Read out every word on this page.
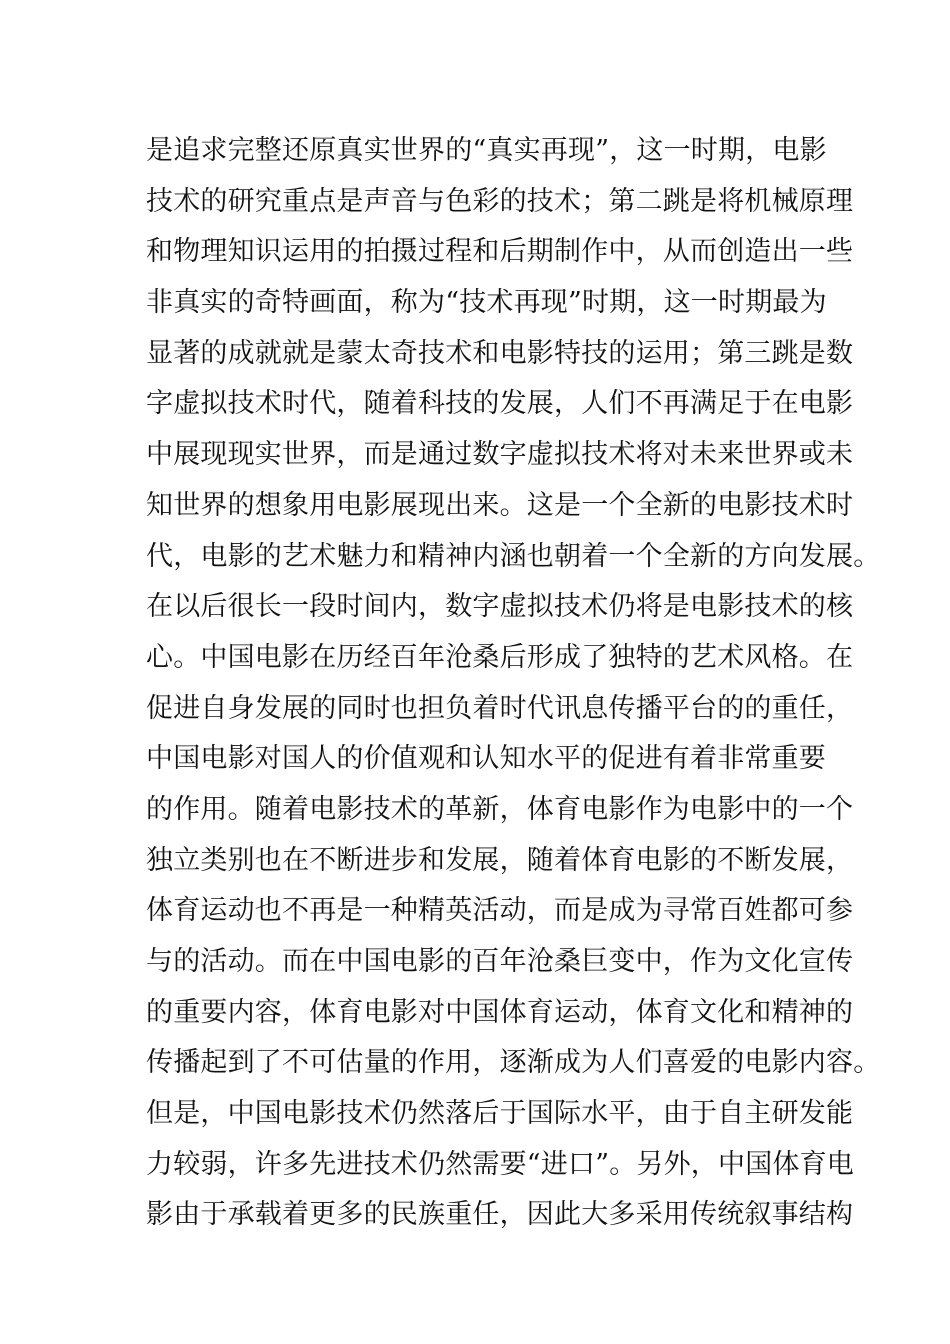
是追求完整还原真实世界的“真实再现”，这一时期，电影
技术的研究重点是声音与色彩的技术；第二跳是将机械原理
和物理知识运用的拍摄过程和后期制作中，从而创造出一些
非真实的奇特画面，称为“技术再现”时期，这一时期最为
显著的成就就是蒙太奇技术和电影特技的运用；第三跳是数
字虚拟技术时代，随着科技的发展，人们不再满足于在电影
中展现现实世界，而是通过数字虚拟技术将对未来世界或未
知世界的想象用电影展现出来。这是一个全新的电影技术时
代，电影的艺术魅力和精神内涵也朝着一个全新的方向发展。
在以后很长一段时间内，数字虚拟技术仍将是电影技术的核
心。中国电影在历经百年沧桑后形成了独特的艺术风格。在
促进自身发展的同时也担负着时代讯息传播平台的的重任，
中国电影对国人的价值观和认知水平的促进有着非常重要
的作用。随着电影技术的革新，体育电影作为电影中的一个
独立类别也在不断进步和发展，随着体育电影的不断发展，
体育运动也不再是一种精英活动，而是成为寻常百姓都可参
与的活动。而在中国电影的百年沧桑巨变中，作为文化宣传
的重要内容，体育电影对中国体育运动，体育文化和精神的
传播起到了不可估量的作用，逐渐成为人们喜爱的电影内容。
但是，中国电影技术仍然落后于国际水平，由于自主研发能
力较弱，许多先进技术仍然需要“进口”。另外，中国体育电
影由于承载着更多的民族重任，因此大多采用传统叙事结构
